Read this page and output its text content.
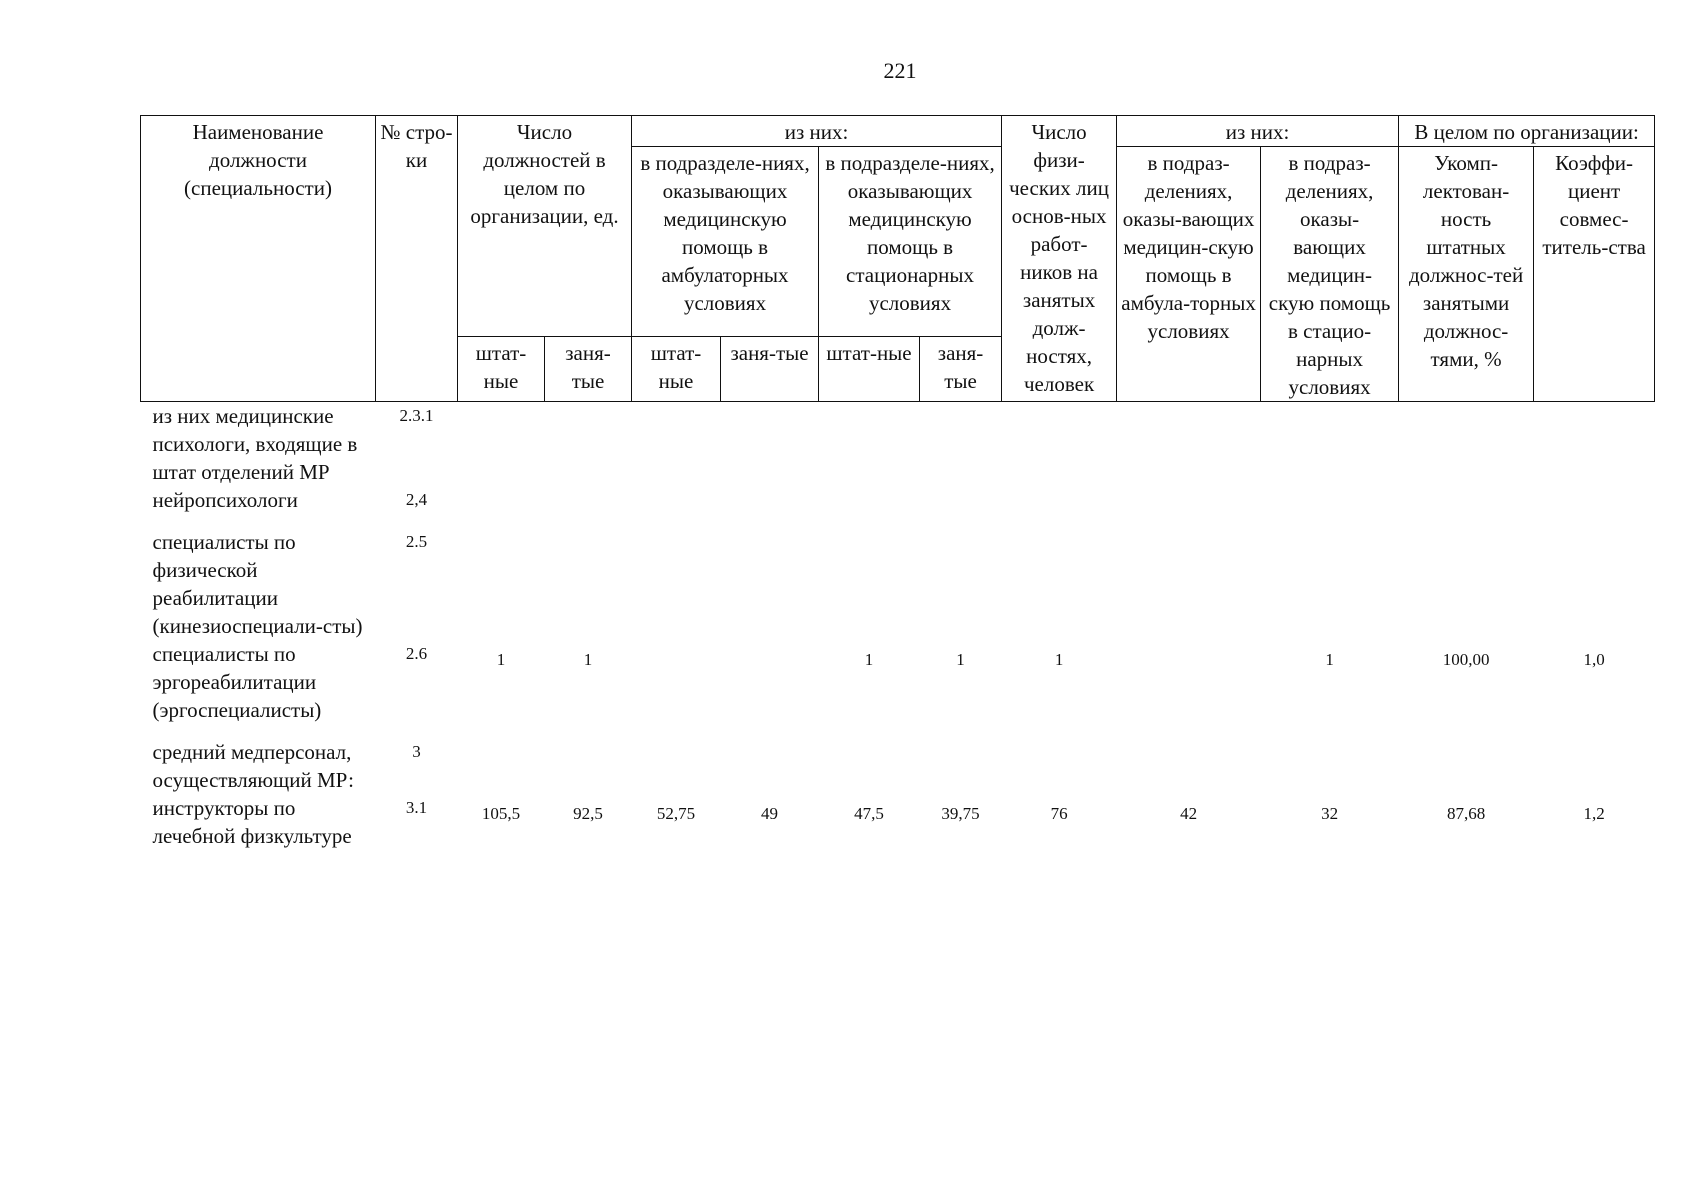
221
Наименование должности (специальности)	№ стро-ки	Число должностей в целом по организации, ед.		из них:				Число физи-ческих лиц основ-ных работ-ников на занятых долж-ностях, человек	из них:		В целом по организации:	
				в подразделе-ниях, оказывающих медицинскую помощь в амбулаторных условиях		в подразделе-ниях, оказывающих медицинскую помощь в стационарных условиях			в подраз-делениях, оказы-вающих медицин-скую помощь в амбула-торных условиях	в подраз-делениях, оказы-вающих медицин-скую помощь в стацио-нарных условиях	Укомп-лектован-ность штатных должнос-тей занятыми должнос-тями, %	Коэффи-циент совмес-титель-ства
		штат-ные	заня-тые	штат-ные	заня-тые	штат-ные	заня-тые					
из них медицинские психологи, входящие в штат отделений МР	2.3.1											
нейропсихологи	2,4											

специалисты по физической реабилитации (кинезиоспециали-сты)	2.5											
специалисты по эргореабилитации (эргоспециалисты)	2.6	1	1			1	1	1		1	100,00	1,0

средний медперсонал, осуществляющий МР:	3											
инструкторы по лечебной физкультуре	3.1	105,5	92,5	52,75	49	47,5	39,75	76	42	32	87,68	1,2
